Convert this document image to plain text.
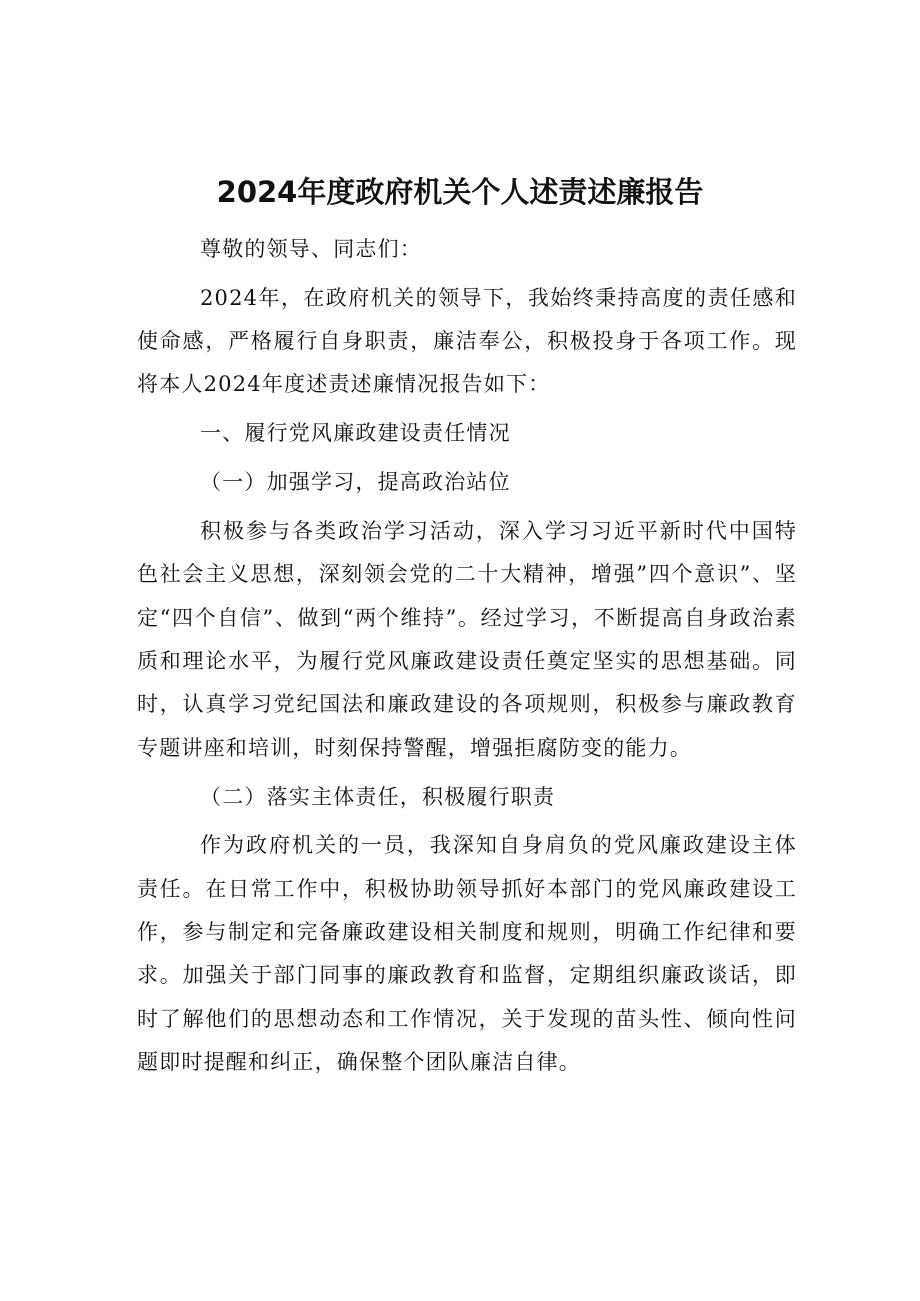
2024年度政府机关个人述责述廉报告

尊敬的领导、同志们：

2024年，在政府机关的领导下，我始终秉持高度的责任感和使命感，严格履行自身职责，廉洁奉公，积极投身于各项工作。现将本人2024年度述责述廉情况报告如下：

一、履行党风廉政建设责任情况

（一）加强学习，提高政治站位

积极参与各类政治学习活动，深入学习习近平新时代中国特色社会主义思想，深刻领会党的二十大精神，增强”四个意识”、坚定“四个自信”、做到“两个维持”。经过学习，不断提高自身政治素质和理论水平，为履行党风廉政建设责任奠定坚实的思想基础。同时，认真学习党纪国法和廉政建设的各项规则，积极参与廉政教育专题讲座和培训，时刻保持警醒，增强拒腐防变的能力。

（二）落实主体责任，积极履行职责

作为政府机关的一员，我深知自身肩负的党风廉政建设主体责任。在日常工作中，积极协助领导抓好本部门的党风廉政建设工作，参与制定和完备廉政建设相关制度和规则，明确工作纪律和要求。加强关于部门同事的廉政教育和监督，定期组织廉政谈话，即时了解他们的思想动态和工作情况，关于发现的苗头性、倾向性问题即时提醒和纠正，确保整个团队廉洁自律。
